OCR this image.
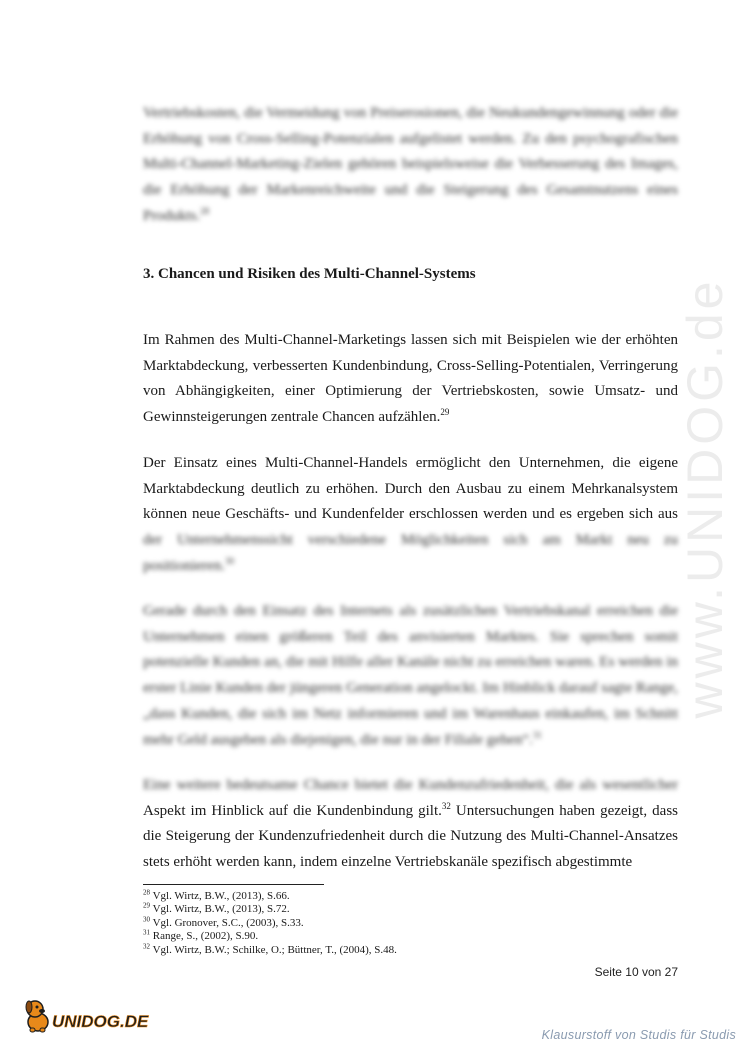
www.UNIDOG.de

Vertriebskosten, die Vermeidung von Preiserosionen, die Neukundengewinnung oder die Erhöhung von Cross-Selling-Potenzialen aufgelistet werden. Zu den psychografischen Multi-Channel-Marketing-Zielen gehören beispielsweise die Verbesserung des Images, die Erhöhung der Markenreichweite und die Steigerung des Gesamtnutzens eines Produkts.$^{28}$

3. Chancen und Risiken des Multi-Channel-Systems

Im Rahmen des Multi-Channel-Marketings lassen sich mit Beispielen wie der erhöhten Marktabdeckung, verbesserten Kundenbindung, Cross-Selling-Potentialen, Verringerung von Abhängigkeiten, einer Optimierung der Vertriebskosten, sowie Umsatz- und Gewinnsteigerungen zentrale Chancen aufzählen.$^{29}$

Der Einsatz eines Multi-Channel-Handels ermöglicht den Unternehmen, die eigene Marktabdeckung deutlich zu erhöhen. Durch den Ausbau zu einem Mehrkanalsystem können neue Geschäfts- und Kundenfelder erschlossen werden und es ergeben sich aus der Unternehmenssicht verschiedene Möglichkeiten sich am Markt neu zu positionieren.$^{30}$

Gerade durch den Einsatz des Internets als zusätzlichen Vertriebskanal erreichen die Unternehmen einen größeren Teil des anvisierten Marktes. Sie sprechen somit potenzielle Kunden an, die mit Hilfe aller Kanäle nicht zu erreichen waren. Es werden in erster Linie Kunden der jüngeren Generation angelockt. Im Hinblick darauf sagte Range, „dass Kunden, die sich im Netz informieren und im Warenhaus einkaufen, im Schnitt mehr Geld ausgeben als diejenigen, die nur in der Filiale gehen“.$^{31}$

Eine weitere bedeutsame Chance bietet die Kundenzufriedenheit, die als wesentlicher Aspekt im Hinblick auf die Kundenbindung gilt.$^{32}$ Untersuchungen haben gezeigt, dass die Steigerung der Kundenzufriedenheit durch die Nutzung des Multi-Channel-Ansatzes stets erhöht werden kann, indem einzelne Vertriebskanäle spezifisch abgestimmte

$^{28}$ Vgl. Wirtz, B.W., (2013), S.66.
$^{29}$ Vgl. Wirtz, B.W., (2013), S.72.
$^{30}$ Vgl. Gronover, S.C., (2003), S.33.
$^{31}$ Range, S., (2002), S.90.
$^{32}$ Vgl. Wirtz, B.W.; Schilke, O.; Büttner, T., (2004), S.48.
Seite 10 von 27
UNIDOG.DE
Klausurstoff von Studis für Studis
